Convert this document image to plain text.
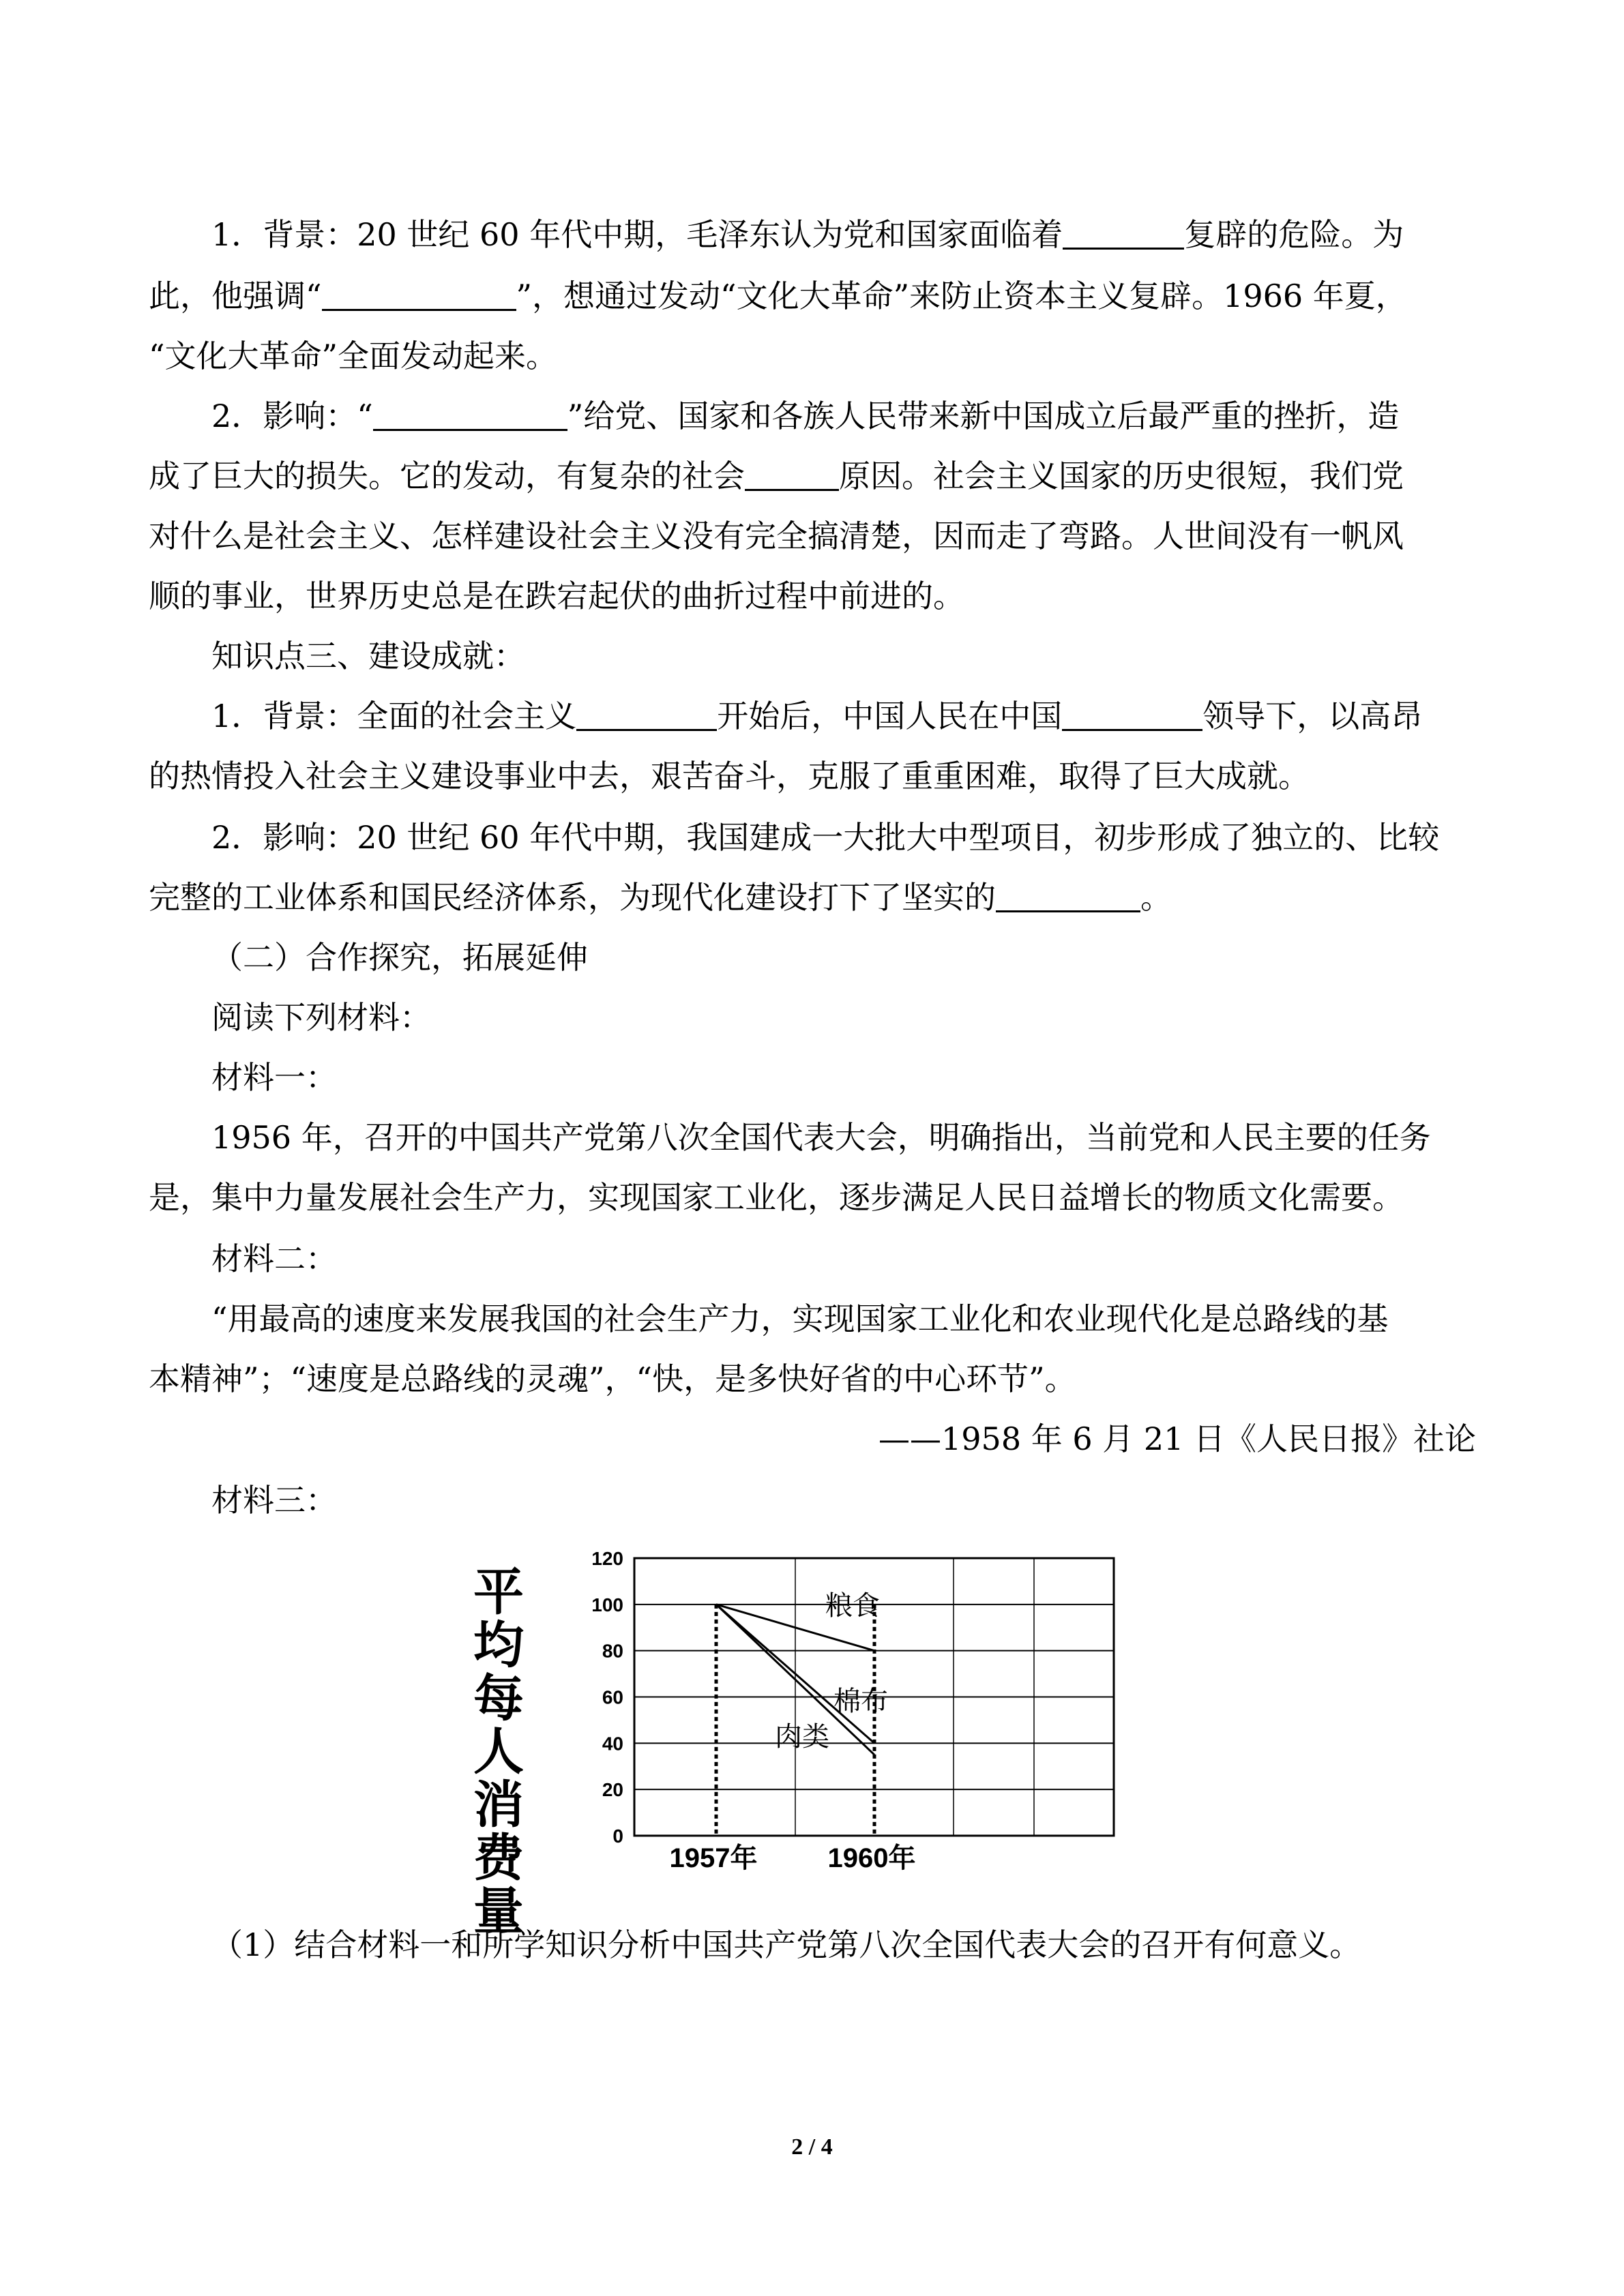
1．背景：20 世纪 60 年代中期，毛泽东认为党和国家面临着	复辟的危险。为
此，他强调“	”，想通过发动“文化大革命”来防止资本主义复辟。1966 年夏，
“文化大革命”全面发动起来。
2．影响：“	”给党、国家和各族人民带来新中国成立后最严重的挫折，造
成了巨大的损失。它的发动，有复杂的社会	原因。社会主义国家的历史很短，我们党
对什么是社会主义、怎样建设社会主义没有完全搞清楚，因而走了弯路。人世间没有一帆风
顺的事业，世界历史总是在跌宕起伏的曲折过程中前进的。
知识点三、建设成就：
1．背景：全面的社会主义	开始后，中国人民在中国	领导下，以高昂
的热情投入社会主义建设事业中去，艰苦奋斗，克服了重重困难，取得了巨大成就。
2．影响：20 世纪 60 年代中期，我国建成一大批大中型项目，初步形成了独立的、比较
完整的工业体系和国民经济体系，为现代化建设打下了坚实的	。
（二）合作探究，拓展延伸
阅读下列材料：
材料一：
1956 年，召开的中国共产党第八次全国代表大会，明确指出，当前党和人民主要的任务
是，集中力量发展社会生产力，实现国家工业化，逐步满足人民日益增长的物质文化需要。
材料二：
“用最高的速度来发展我国的社会生产力，实现国家工业化和农业现代化是总路线的基
本精神”；“速度是总路线的灵魂”，“快，是多快好省的中心环节”。
——1958 年 6 月 21 日《人民日报》社论
材料三：
平均每人消费量
0
20
40
60
80
100
120
1957年	1960年
粮食
棉布
肉类
（1）结合材料一和所学知识分析中国共产党第八次全国代表大会的召开有何意义。
2 / 4
